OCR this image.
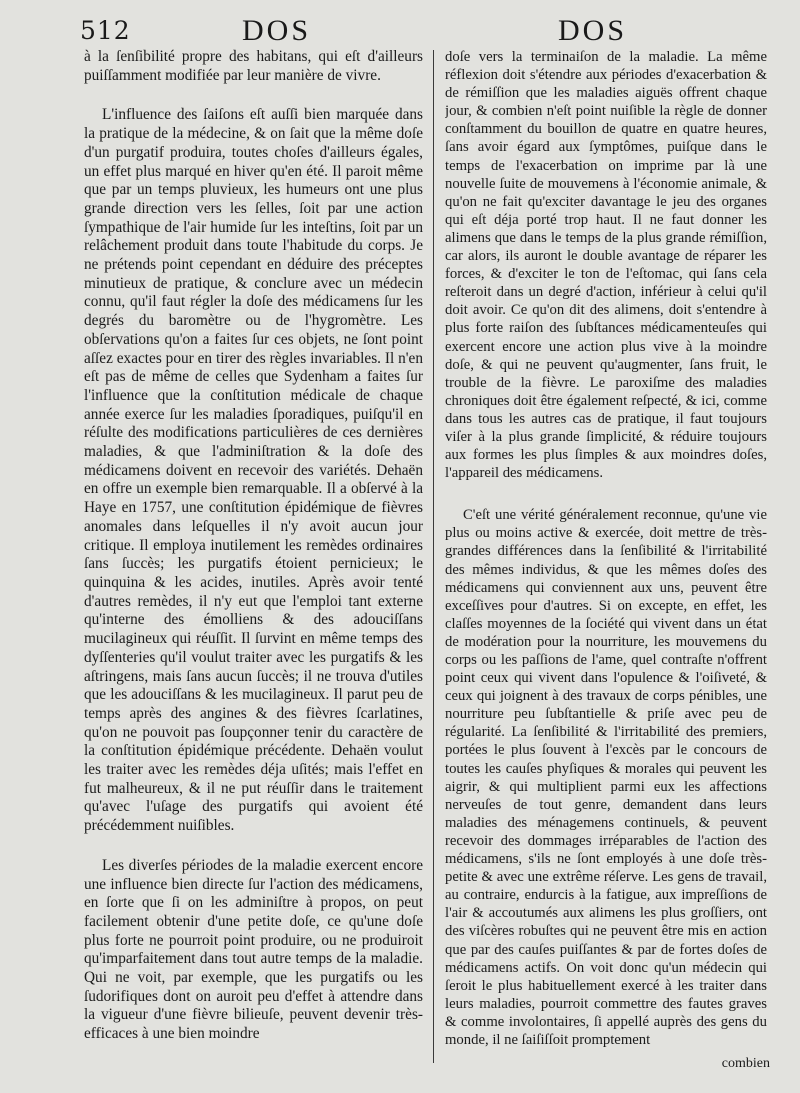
512	DOS	DOS

à la ſenſibilité propre des habitans, qui eſt d'ailleurs puiſſamment modifiée par leur manière de vivre.

L'influence des ſaiſons eſt auſſi bien marquée dans la pratique de la médecine, & on ſait que la même doſe d'un purgatif produira, toutes choſes d'ailleurs égales, un effet plus marqué en hiver qu'en été. Il paroit même que par un temps pluvieux, les humeurs ont une plus grande direction vers les ſelles, ſoit par une action ſympathique de l'air humide ſur les inteſtins, ſoit par un relâchement produit dans toute l'habitude du corps. Je ne prétends point cependant en déduire des préceptes minutieux de pratique, & conclure avec un médecin connu, qu'il faut régler la doſe des médicamens ſur les degrés du baromètre ou de l'hygromètre. Les obſervations qu'on a faites ſur ces objets, ne ſont point aſſez exactes pour en tirer des règles invariables. Il n'en eſt pas de même de celles que Sydenham a faites ſur l'influence que la conſtitution médicale de chaque année exerce ſur les maladies ſporadiques, puiſqu'il en réſulte des modifications particulières de ces dernières maladies, & que l'adminiſtration & la doſe des médicamens doivent en recevoir des variétés. Dehaën en offre un exemple bien remarquable. Il a obſervé à la Haye en 1757, une conſtitution épidémique de fièvres anomales dans leſquelles il n'y avoit aucun jour critique. Il employa inutilement les remèdes ordinaires ſans ſuccès; les purgatifs étoient pernicieux; le quinquina & les acides, inutiles. Après avoir tenté d'autres remèdes, il n'y eut que l'emploi tant externe qu'interne des émolliens & des adouciſſans mucilagineux qui réuſſit. Il ſurvint en même temps des dyſſenteries qu'il voulut traiter avec les purgatifs & les aſtringens, mais ſans aucun ſuccès; il ne trouva d'utiles que les adouciſſans & les mucilagineux. Il parut peu de temps après des angines & des fièvres ſcarlatines, qu'on ne pouvoit pas ſoupçonner tenir du caractère de la conſtitution épidémique précédente. Dehaën voulut les traiter avec les remèdes déja uſités; mais l'effet en fut malheureux, & il ne put réuſſir dans le traitement qu'avec l'uſage des purgatifs qui avoient été précédemment nuiſibles.

Les diverſes périodes de la maladie exercent encore une influence bien directe ſur l'action des médicamens, en ſorte que ſi on les adminiſtre à propos, on peut facilement obtenir d'une petite doſe, ce qu'une doſe plus forte ne pourroit point produire, ou ne produiroit qu'imparfaitement dans tout autre temps de la maladie. Qui ne voit, par exemple, que les purgatifs ou les ſudorifiques dont on auroit peu d'effet à attendre dans la vigueur d'une fièvre bilieuſe, peuvent devenir très-efficaces à une bien moindre

doſe vers la terminaiſon de la maladie. La même réflexion doit s'étendre aux périodes d'exacerbation & de rémiſſion que les maladies aiguës offrent chaque jour, & combien n'eſt point nuiſible la règle de donner conſtamment du bouillon de quatre en quatre heures, ſans avoir égard aux ſymptômes, puiſque dans le temps de l'exacerbation on imprime par là une nouvelle ſuite de mouvemens à l'économie animale, & qu'on ne fait qu'exciter davantage le jeu des organes qui eſt déja porté trop haut. Il ne faut donner les alimens que dans le temps de la plus grande rémiſſion, car alors, ils auront le double avantage de réparer les forces, & d'exciter le ton de l'eſtomac, qui ſans cela reſteroit dans un degré d'action, inférieur à celui qu'il doit avoir. Ce qu'on dit des alimens, doit s'entendre à plus forte raiſon des ſubſtances médicamenteuſes qui exercent encore une action plus vive à la moindre doſe, & qui ne peuvent qu'augmenter, ſans fruit, le trouble de la fièvre. Le paroxiſme des maladies chroniques doit être également reſpecté, & ici, comme dans tous les autres cas de pratique, il faut toujours viſer à la plus grande ſimplicité, & réduire toujours aux formes les plus ſimples & aux moindres doſes, l'appareil des médicamens.

C'eſt une vérité généralement reconnue, qu'une vie plus ou moins active & exercée, doit mettre de très-grandes différences dans la ſenſibilité & l'irritabilité des mêmes individus, & que les mêmes doſes des médicamens qui conviennent aux uns, peuvent être exceſſives pour d'autres. Si on excepte, en effet, les claſſes moyennes de la ſociété qui vivent dans un état de modération pour la nourriture, les mouvemens du corps ou les paſſions de l'ame, quel contraſte n'offrent point ceux qui vivent dans l'opulence & l'oiſiveté, & ceux qui joignent à des travaux de corps pénibles, une nourriture peu ſubſtantielle & priſe avec peu de régularité. La ſenſibilité & l'irritabilité des premiers, portées le plus ſouvent à l'excès par le concours de toutes les cauſes phyſiques & morales qui peuvent les aigrir, & qui multiplient parmi eux les affections nerveuſes de tout genre, demandent dans leurs maladies des ménagemens continuels, & peuvent recevoir des dommages irréparables de l'action des médicamens, s'ils ne ſont employés à une doſe très-petite & avec une extrême réſerve. Les gens de travail, au contraire, endurcis à la fatigue, aux impreſſions de l'air & accoutumés aux alimens les plus groſſiers, ont des viſcères robuſtes qui ne peuvent être mis en action que par des cauſes puiſſantes & par de fortes doſes de médicamens actifs. On voit donc qu'un médecin qui ſeroit le plus habituellement exercé à les traiter dans leurs maladies, pourroit commettre des fautes graves & comme involontaires, ſi appellé auprès des gens du monde, il ne ſaiſiſſoit promptement

combien
